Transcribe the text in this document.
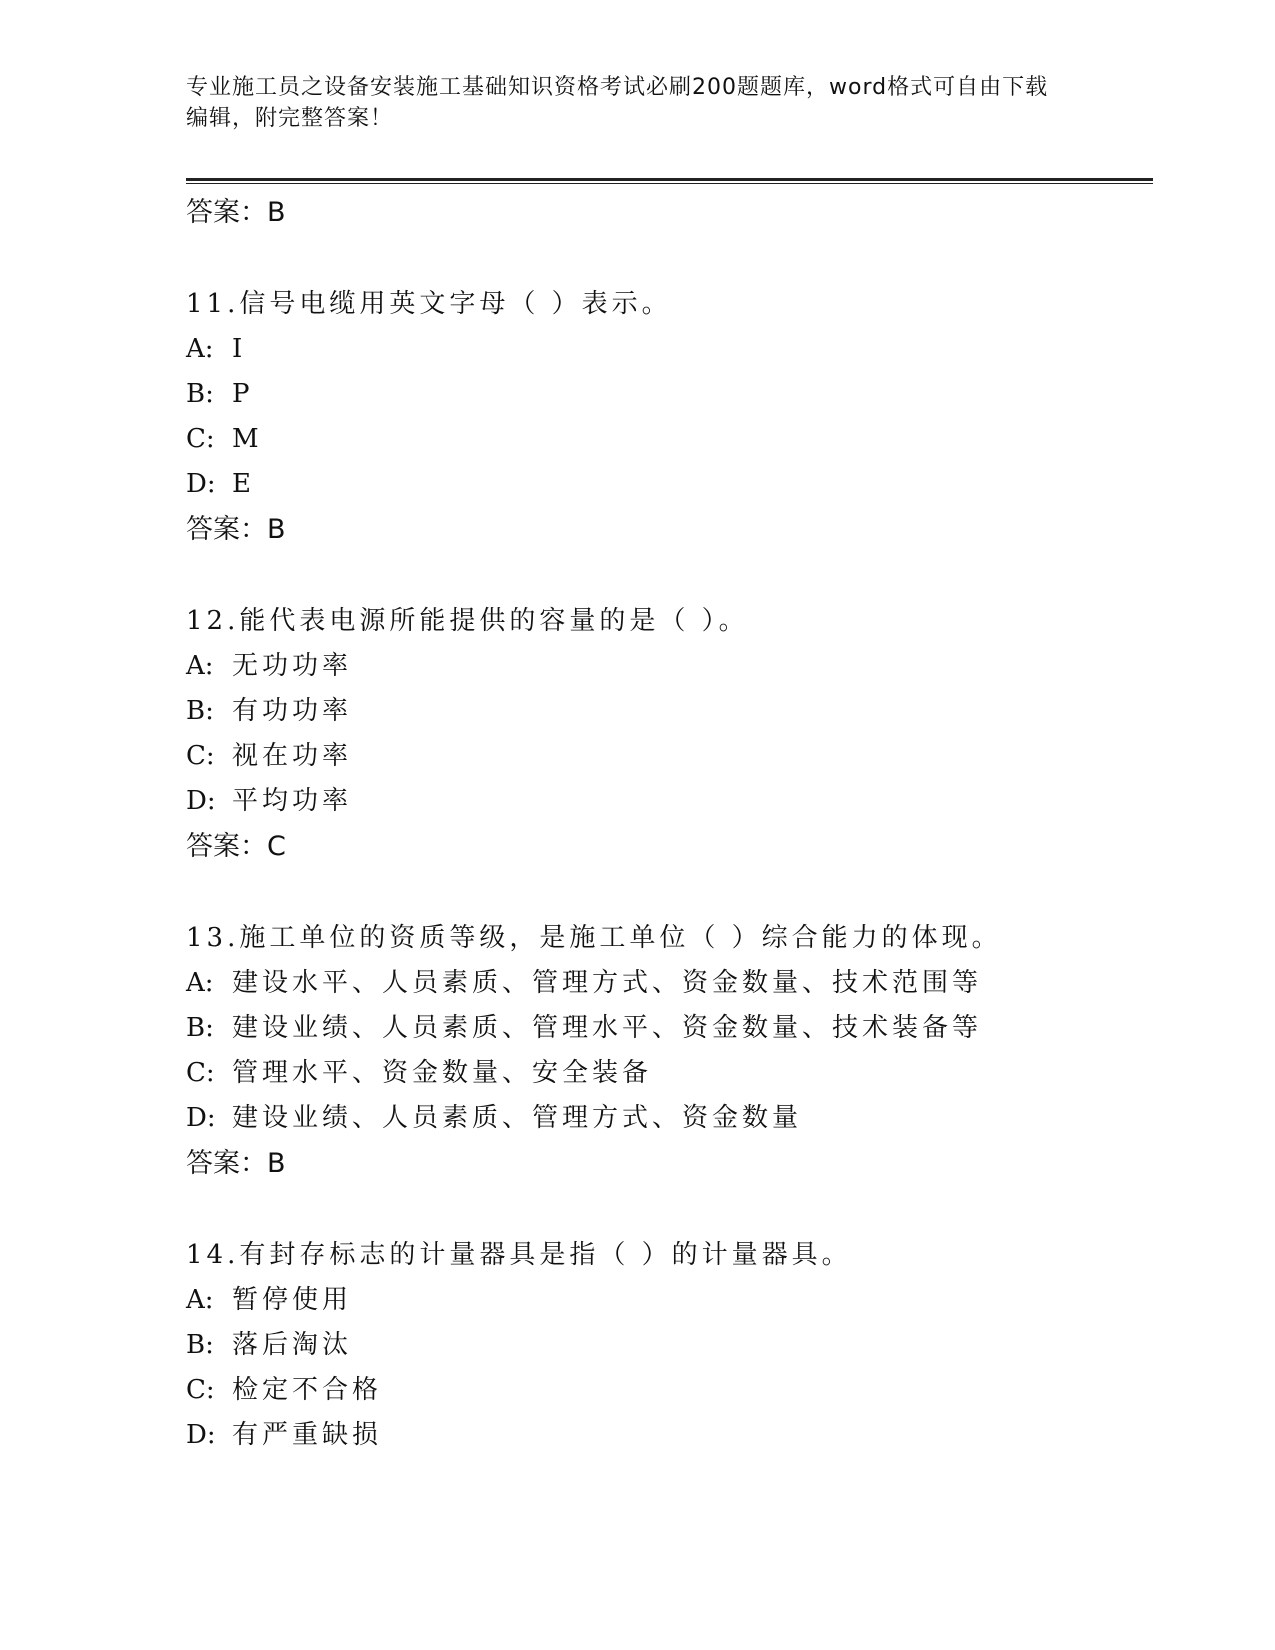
专业施工员之设备安装施工基础知识资格考试必刷200题题库，word格式可自由下载编辑，附完整答案！
答案：B
11.信号电缆用英文字母（ ）表示。
A: I
B: P
C: M
D: E
答案：B
12.能代表电源所能提供的容量的是（ ）。
A: 无功功率
B: 有功功率
C: 视在功率
D: 平均功率
答案：C
13.施工单位的资质等级，是施工单位（ ）综合能力的体现。
A: 建设水平、人员素质、管理方式、资金数量、技术范围等
B: 建设业绩、人员素质、管理水平、资金数量、技术装备等
C: 管理水平、资金数量、安全装备
D: 建设业绩、人员素质、管理方式、资金数量
答案：B
14.有封存标志的计量器具是指（ ）的计量器具。
A: 暂停使用
B: 落后淘汰
C: 检定不合格
D: 有严重缺损
